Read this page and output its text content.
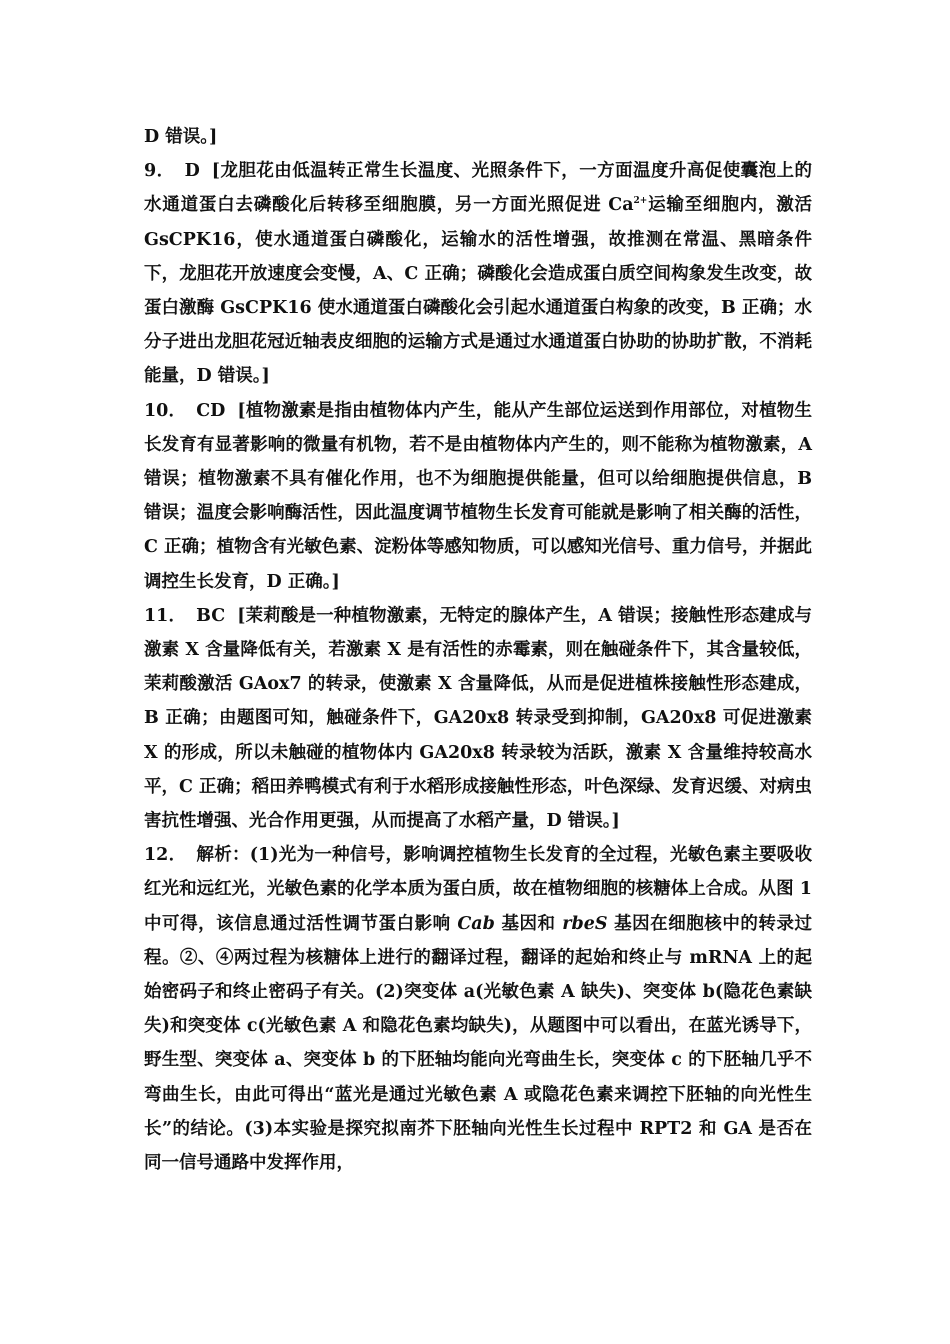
D 错误。]

9． D [龙胆花由低温转正常生长温度、光照条件下，一方面温度升高促使囊泡上的水通道蛋白去磷酸化后转移至细胞膜，另一方面光照促进 $Ca^{2+}$运输至细胞内，激活 GsCPK16，使水通道蛋白磷酸化，运输水的活性增强，故推测在常温、黑暗条件下，龙胆花开放速度会变慢，A、C 正确；磷酸化会造成蛋白质空间构象发生改变，故蛋白激酶 GsCPK16 使水通道蛋白磷酸化会引起水通道蛋白构象的改变，B 正确；水分子进出龙胆花冠近轴表皮细胞的运输方式是通过水通道蛋白协助的协助扩散，不消耗能量，D 错误。]

10． CD [植物激素是指由植物体内产生，能从产生部位运送到作用部位，对植物生长发育有显著影响的微量有机物，若不是由植物体内产生的，则不能称为植物激素，A 错误；植物激素不具有催化作用，也不为细胞提供能量，但可以给细胞提供信息，B 错误；温度会影响酶活性，因此温度调节植物生长发育可能就是影响了相关酶的活性，C 正确；植物含有光敏色素、淀粉体等感知物质，可以感知光信号、重力信号，并据此调控生长发育，D 正确。]

11． BC [茉莉酸是一种植物激素，无特定的腺体产生，A 错误；接触性形态建成与激素 X 含量降低有关，若激素 X 是有活性的赤霉素，则在触碰条件下，其含量较低，茉莉酸激活 GAox7 的转录，使激素 X 含量降低，从而是促进植株接触性形态建成，B 正确；由题图可知，触碰条件下，GA20x8 转录受到抑制，GA20x8 可促进激素 X 的形成，所以未触碰的植物体内 GA20x8 转录较为活跃，激素 X 含量维持较高水平，C 正确；稻田养鸭模式有利于水稻形成接触性形态，叶色深绿、发育迟缓、对病虫害抗性增强、光合作用更强，从而提高了水稻产量，D 错误。]

12． 解析：(1)光为一种信号，影响调控植物生长发育的全过程，光敏色素主要吸收红光和远红光，光敏色素的化学本质为蛋白质，故在植物细胞的核糖体上合成。从图 1 中可得，该信息通过活性调节蛋白影响 Cab 基因和 rbeS 基因在细胞核中的转录过程。②、④两过程为核糖体上进行的翻译过程，翻译的起始和终止与 mRNA 上的起始密码子和终止密码子有关。(2)突变体 a(光敏色素 A 缺失)、突变体 b(隐花色素缺失)和突变体 c(光敏色素 A 和隐花色素均缺失)，从题图中可以看出，在蓝光诱导下，野生型、突变体 a、突变体 b 的下胚轴均能向光弯曲生长，突变体 c 的下胚轴几乎不弯曲生长，由此可得出“蓝光是通过光敏色素 A 或隐花色素来调控下胚轴的向光性生长”的结论。(3)本实验是探究拟南芥下胚轴向光性生长过程中 RPT2 和 GA 是否在同一信号通路中发挥作用，
